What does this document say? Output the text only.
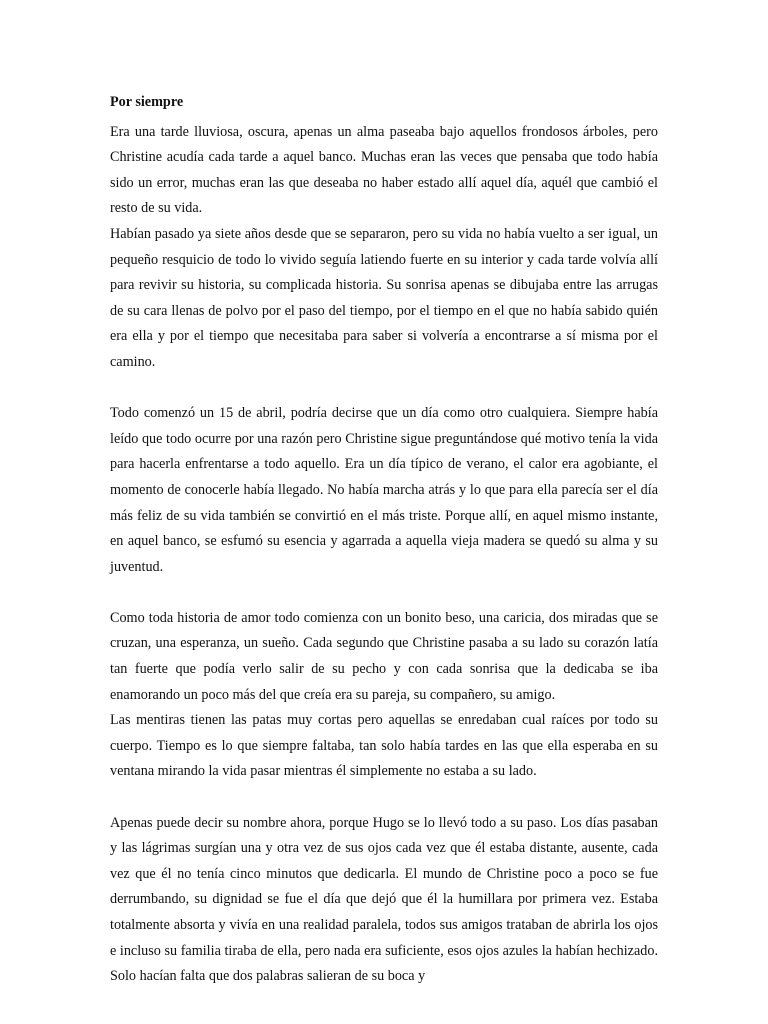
Por siempre

Era una tarde lluviosa, oscura, apenas un alma paseaba bajo aquellos frondosos árboles, pero Christine acudía cada tarde a aquel banco. Muchas eran las veces que pensaba que todo había sido un error, muchas eran las que deseaba no haber estado allí aquel día, aquél que cambió el resto de su vida.

Habían pasado ya siete años desde que se separaron, pero su vida no había vuelto a ser igual, un pequeño resquicio de todo lo vivido seguía latiendo fuerte en su interior y cada tarde volvía allí para revivir su historia, su complicada historia. Su sonrisa apenas se dibujaba entre las arrugas de su cara llenas de polvo por el paso del tiempo, por el tiempo en el que no había sabido quién era ella y por el tiempo que necesitaba para saber si volvería a encontrarse a sí misma por el camino.

Todo comenzó un 15 de abril, podría decirse que un día como otro cualquiera. Siempre había leído que todo ocurre por una razón pero Christine sigue preguntándose qué motivo tenía la vida para hacerla enfrentarse a todo aquello. Era un día típico de verano, el calor era agobiante, el momento de conocerle había llegado. No había marcha atrás y lo que para ella parecía ser el día más feliz de su vida también se convirtió en el más triste. Porque allí, en aquel mismo instante, en aquel banco, se esfumó su esencia y agarrada a aquella vieja madera se quedó su alma y su juventud.

Como toda historia de amor todo comienza con un bonito beso, una caricia, dos miradas que se cruzan, una esperanza, un sueño. Cada segundo que Christine pasaba a su lado su corazón latía tan fuerte que podía verlo salir de su pecho y con cada sonrisa que la dedicaba se iba enamorando un poco más del que creía era su pareja, su compañero, su amigo.

Las mentiras tienen las patas muy cortas pero aquellas se enredaban cual raíces por todo su cuerpo. Tiempo es lo que siempre faltaba, tan solo había tardes en las que ella esperaba en su ventana mirando la vida pasar mientras él simplemente no estaba a su lado.

Apenas puede decir su nombre ahora, porque Hugo se lo llevó todo a su paso. Los días pasaban y las lágrimas surgían una y otra vez de sus ojos cada vez que él estaba distante, ausente, cada vez que él no tenía cinco minutos que dedicarla. El mundo de Christine poco a poco se fue derrumbando, su dignidad se fue el día que dejó que él la humillara por primera vez. Estaba totalmente absorta y vivía en una realidad paralela, todos sus amigos trataban de abrirla los ojos e incluso su familia tiraba de ella, pero nada era suficiente, esos ojos azules la habían hechizado. Solo hacían falta que dos palabras salieran de su boca y
